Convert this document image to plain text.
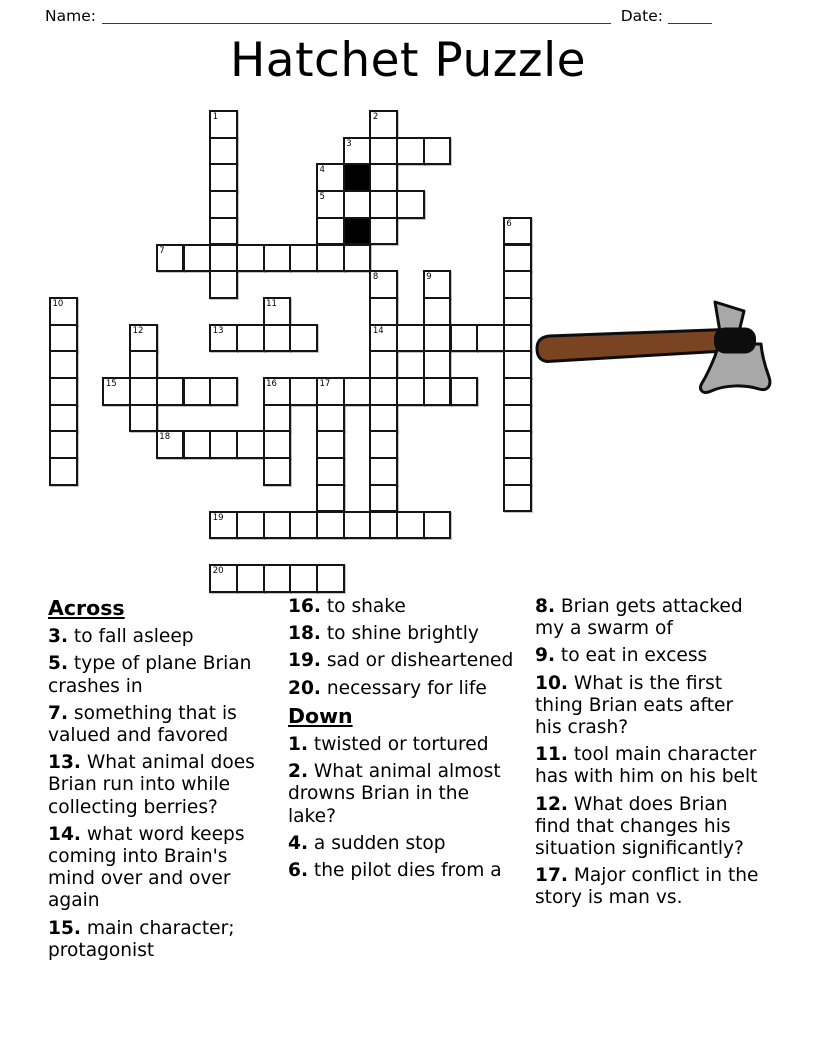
Name:	Date:
Hatchet Puzzle
1	2
3
4
5
6
7
8	9
10	11
12	13	14
15	16	17
18
19
20
Across
3. to fall asleep
5. type of plane Brian crashes in
7. something that is valued and favored
13. What animal does Brian run into while collecting berries?
14. what word keeps coming into Brain's mind over and over again
15. main character; protagonist
16. to shake
18. to shine brightly
19. sad or disheartened
20. necessary for life
Down
1. twisted or tortured
2. What animal almost drowns Brian in the lake?
4. a sudden stop
6. the pilot dies from a
8. Brian gets attacked my a swarm of
9. to eat in excess
10. What is the first thing Brian eats after his crash?
11. tool main character has with him on his belt
12. What does Brian find that changes his situation significantly?
17. Major conflict in the story is man vs.
